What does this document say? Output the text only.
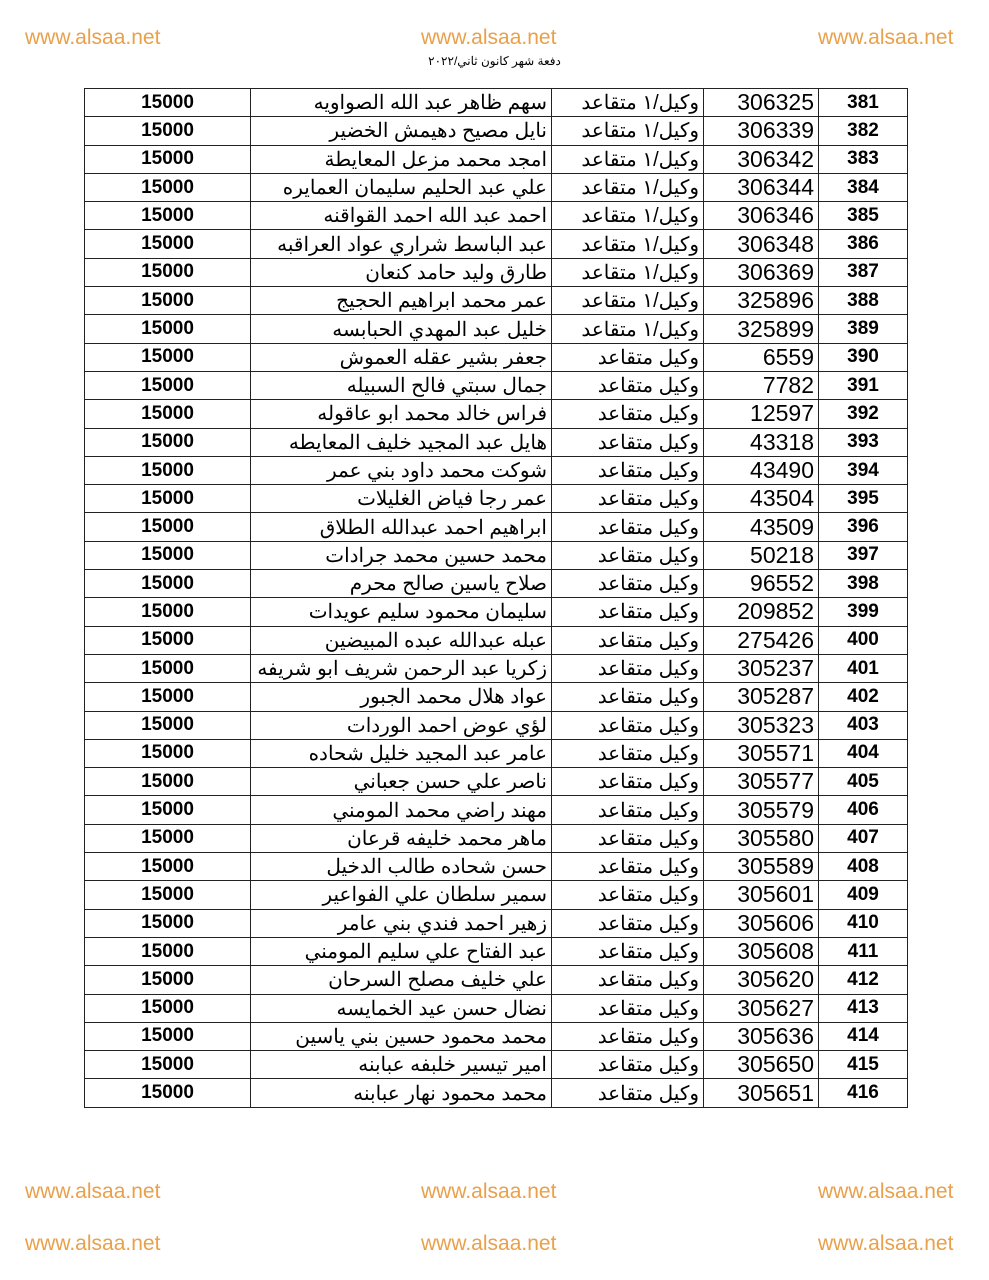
www.alsaa.net	www.alsaa.net	www.alsaa.net
www.alsaa.net	www.alsaa.net	www.alsaa.net
www.alsaa.net	www.alsaa.net	www.alsaa.net
دفعة شهر كانون ثاني/٢٠٢٢
15000	سهم ظاهر عبد الله الصواويه	وكيل/١ متقاعد	306325	381
15000	نايل مصيح دهيمش الخضير	وكيل/١ متقاعد	306339	382
15000	امجد محمد مزعل المعايطة	وكيل/١ متقاعد	306342	383
15000	علي عبد الحليم سليمان العمايره	وكيل/١ متقاعد	306344	384
15000	احمد عبد الله احمد القواقنه	وكيل/١ متقاعد	306346	385
15000	عبد الباسط شراري عواد العراقبه	وكيل/١ متقاعد	306348	386
15000	طارق وليد حامد كنعان	وكيل/١ متقاعد	306369	387
15000	عمر محمد ابراهيم الحجيج	وكيل/١ متقاعد	325896	388
15000	خليل عبد المهدي الحبابسه	وكيل/١ متقاعد	325899	389
15000	جعفر بشير عقله العموش	وكيل متقاعد	6559	390
15000	جمال سبتي فالح السبيله	وكيل متقاعد	7782	391
15000	فراس خالد محمد ابو عاقوله	وكيل متقاعد	12597	392
15000	هايل عبد المجيد خليف المعايطه	وكيل متقاعد	43318	393
15000	شوكت محمد داود بني عمر	وكيل متقاعد	43490	394
15000	عمر رجا فياض الغليلات	وكيل متقاعد	43504	395
15000	ابراهيم احمد عبدالله الطلاق	وكيل متقاعد	43509	396
15000	محمد حسين محمد جرادات	وكيل متقاعد	50218	397
15000	صلاح ياسين صالح محرم	وكيل متقاعد	96552	398
15000	سليمان محمود سليم عويدات	وكيل متقاعد	209852	399
15000	عبله عبدالله عبده المبيضين	وكيل متقاعد	275426	400
15000	زكريا عبد الرحمن شريف ابو شريفه	وكيل متقاعد	305237	401
15000	عواد هلال محمد الجبور	وكيل متقاعد	305287	402
15000	لؤي عوض احمد الوردات	وكيل متقاعد	305323	403
15000	عامر عبد المجيد خليل شحاده	وكيل متقاعد	305571	404
15000	ناصر علي حسن جعباني	وكيل متقاعد	305577	405
15000	مهند راضي محمد المومني	وكيل متقاعد	305579	406
15000	ماهر محمد خليفه قرعان	وكيل متقاعد	305580	407
15000	حسن شحاده طالب الدخيل	وكيل متقاعد	305589	408
15000	سمير سلطان علي الفواعير	وكيل متقاعد	305601	409
15000	زهير احمد فندي بني عامر	وكيل متقاعد	305606	410
15000	عبد الفتاح علي سليم المومني	وكيل متقاعد	305608	411
15000	علي خليف مصلح السرحان	وكيل متقاعد	305620	412
15000	نضال حسن عيد الخمايسه	وكيل متقاعد	305627	413
15000	محمد محمود حسين بني ياسين	وكيل متقاعد	305636	414
15000	امير تيسير خلبفه عبابنه	وكيل متقاعد	305650	415
15000	محمد محمود نهار عبابنه	وكيل متقاعد	305651	416
